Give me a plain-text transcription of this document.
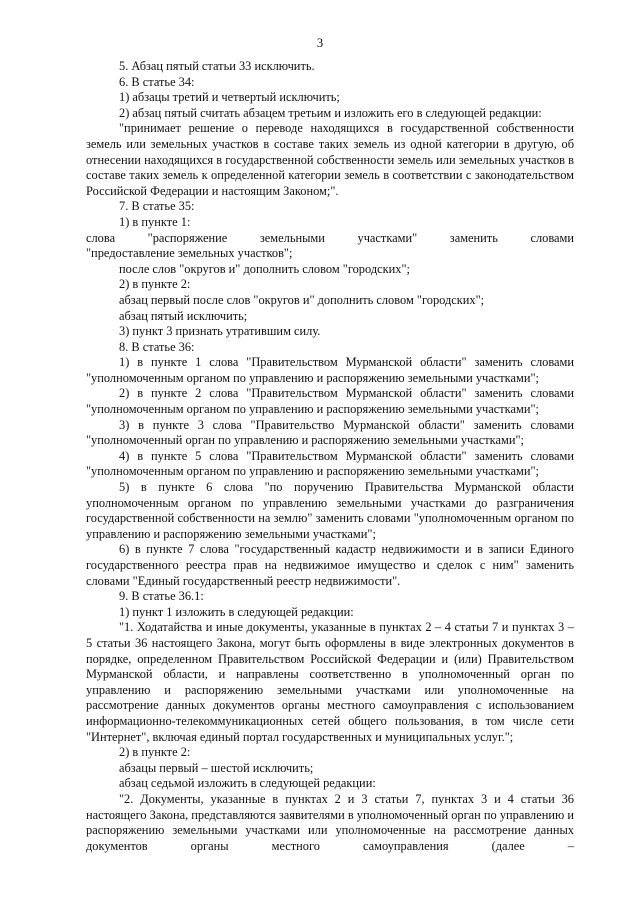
3

5. Абзац пятый статьи 33 исключить.

6. В статье 34:

1) абзацы третий и четвертый исключить;

2) абзац пятый считать абзацем третьим и изложить его в следующей редакции:

"принимает решение о переводе находящихся в государственной собственности земель или земельных участков в составе таких земель из одной категории в другую, об отнесении находящихся в государственной собственности земель или земельных участков в составе таких земель к определенной категории земель в соответствии с законодательством Российской Федерации и настоящим Законом;".

7. В статье 35:

1) в пункте 1:

слова	"распоряжение	земельными	участками"	заменить	словами

"предоставление земельных участков";

после слов "округов и" дополнить словом "городских";

2) в пункте 2:

абзац первый после слов "округов и" дополнить словом "городских";

абзац пятый исключить;

3) пункт 3 признать утратившим силу.

8. В статье 36:

1) в пункте 1 слова "Правительством Мурманской области" заменить словами "уполномоченным органом по управлению и распоряжению земельными участками";

2) в пункте 2 слова "Правительством Мурманской области" заменить словами "уполномоченным органом по управлению и распоряжению земельными участками";

3) в пункте 3 слова "Правительство Мурманской области" заменить словами "уполномоченный орган по управлению и распоряжению земельными участками";

4) в пункте 5 слова "Правительством Мурманской области" заменить словами "уполномоченным органом по управлению и распоряжению земельными участками";

5) в пункте 6 слова "по поручению Правительства Мурманской области уполномоченным органом по управлению земельными участками до разграничения государственной собственности на землю" заменить словами "уполномоченным органом по управлению и распоряжению земельными участками";

6) в пункте 7 слова "государственный кадастр недвижимости и в записи Единого государственного реестра прав на недвижимое имущество и сделок с ним" заменить словами "Единый государственный реестр недвижимости".

9. В статье 36.1:

1) пункт 1 изложить в следующей редакции:

"1. Ходатайства и иные документы, указанные в пунктах 2 – 4 статьи 7 и пунктах 3 – 5 статьи 36 настоящего Закона, могут быть оформлены в виде электронных документов в порядке, определенном Правительством Российской Федерации и (или) Правительством Мурманской области, и направлены соответственно в уполномоченный орган по управлению и распоряжению земельными участками или уполномоченные на рассмотрение данных документов органы местного самоуправления с использованием информационно-телекоммуникационных сетей общего пользования, в том числе сети "Интернет", включая единый портал государственных и муниципальных услуг.";

2) в пункте 2:

абзацы первый – шестой исключить;

абзац седьмой изложить в следующей редакции:

"2. Документы, указанные в пунктах 2 и 3 статьи 7, пунктах 3 и 4 статьи 36 настоящего Закона, представляются заявителями в уполномоченный орган по управлению и распоряжению земельными участками или уполномоченные на рассмотрение данных документов органы местного самоуправления (далее –
